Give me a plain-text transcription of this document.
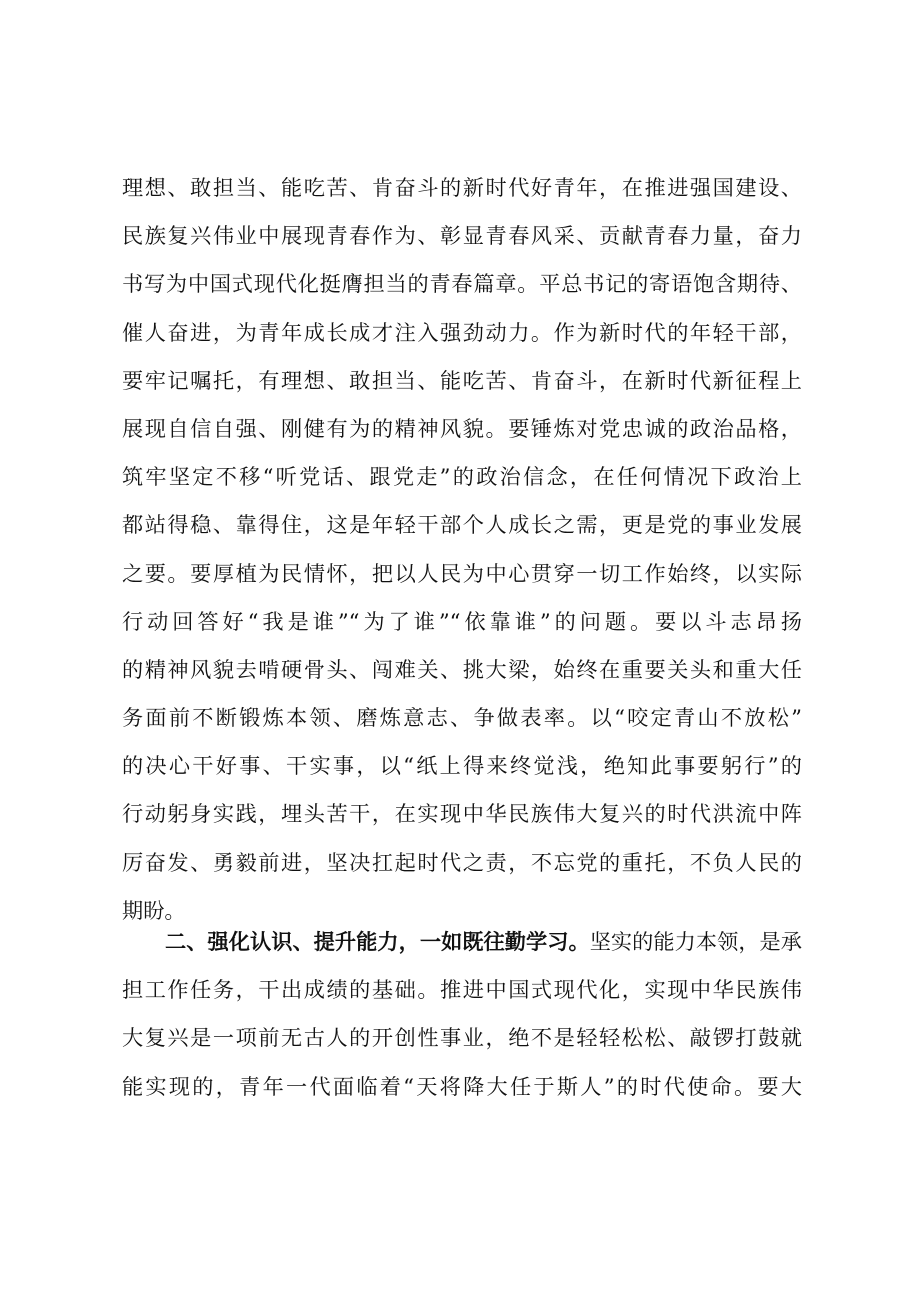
理想、敢担当、能吃苦、肯奋斗的新时代好青年，在推进强国建设、
民族复兴伟业中展现青春作为、彰显青春风采、贡献青春力量，奋力
书写为中国式现代化挺膺担当的青春篇章。平总书记的寄语饱含期待、
催人奋进，为青年成长成才注入强劲动力。作为新时代的年轻干部，
要牢记嘱托，有理想、敢担当、能吃苦、肯奋斗，在新时代新征程上
展现自信自强、刚健有为的精神风貌。要锤炼对党忠诚的政治品格，
筑牢坚定不移“听党话、跟党走”的政治信念，在任何情况下政治上
都站得稳、靠得住，这是年轻干部个人成长之需，更是党的事业发展
之要。要厚植为民情怀，把以人民为中心贯穿一切工作始终，以实际
行动回答好“我是谁”“为了谁”“依靠谁”的问题。要以斗志昂扬
的精神风貌去啃硬骨头、闯难关、挑大梁，始终在重要关头和重大任
务面前不断锻炼本领、磨炼意志、争做表率。以“咬定青山不放松”
的决心干好事、干实事，以“纸上得来终觉浅，绝知此事要躬行”的
行动躬身实践，埋头苦干，在实现中华民族伟大复兴的时代洪流中阵
厉奋发、勇毅前进，坚决扛起时代之责，不忘党的重托，不负人民的
期盼。
二、强化认识、提升能力，一如既往勤学习。坚实的能力本领，是承
担工作任务，干出成绩的基础。推进中国式现代化，实现中华民族伟
大复兴是一项前无古人的开创性事业，绝不是轻轻松松、敲锣打鼓就
能实现的，青年一代面临着“天将降大任于斯人”的时代使命。要大
